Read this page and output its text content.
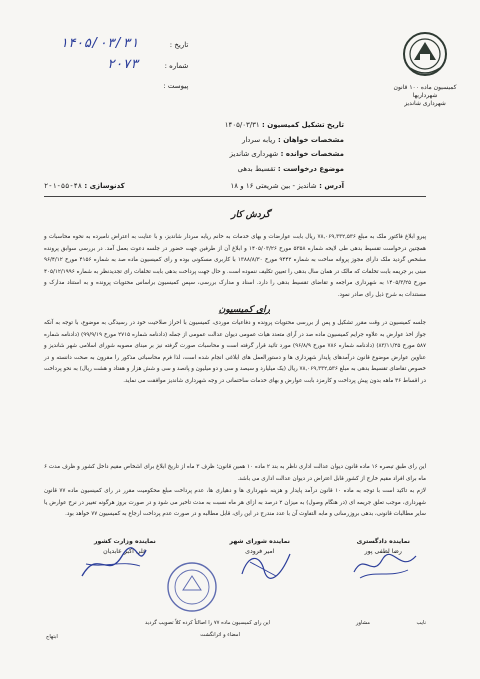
کمیسیون ماده ۱۰۰ قانون شهرداریها
شهرداری شاندیز
تاریخ :
۱۴۰۵/۰۳/۳۱
شماره :
۲۰۷۳
پیوست :
تاریخ تشکیل کمیسیون : ۱۴۰۵/۰۳/۳۱
مشخصات خواهان : ریابه سردار
مشخصات خوانده : شهرداری شاندیز
موضوع درخواست : تقسیط بدهی
آدرس : شاندیز - بین شریعتی ۱۶ و ۱۸
کدنوسازی : ۴۸-۵۵-۱-۲
گردش کار
پیرو ابلاغ فاکتور ملک به مبلغ ۷۸,۰۶۹,۳۳۲,۵۳۶ ریال بابت عوارضات و بهای خدمات به خانم ریابه سردار شاندیز، و با عنایت به اعتراض نامبرده به نحوه محاسبات و همچنین درخواست تقسیط بدهی طی لایحه شماره ۵۳۵۸ مورخ ۱۴۰۵/۰۳/۲۶ و ابلاغ آن از طرفین جهت حضور در جلسه دعوت بعمل آمد. در بررسی سوابق پرونده مشخص گردید ملک دارای مجوز پروانه ساخت به شماره ۹۴۴۲ مورخ ۱۳۸۸/۸/۳۰ با کاربری مسکونی بوده و رای کمیسیون ماده صد به شماره ۴۱۵۶ مورخ ۹۶/۴/۱۲ مبنی بر جریمه بابت تخلفات که مالک در همان سال بدهی را تعیین تکلیف ننموده است. و حال جهت پرداخت بدهی بابت تخلفات رای تجدیدنظر به شماره ۴۰۵/۱۲/۱۹۹۶ مورخ ۱۴۰۵/۳/۲۵ به شهرداری مراجعه و تقاضای تقسیط بدهی را دارد. اسناد و مدارک بررسی، سپس کمیسیون براساس محتویات پرونده و به استناد مدارک و مستندات به شرح ذیل رای صادر نمود.
رای کمیسیون
جلسه کمیسیون در وقت مقرر تشکیل و پس از بررسی محتویات پرونده و دفاعیات موردی، کمیسیون با احراز صلاحیت خود در رسیدگی به موضوع، با توجه به آنکه جواز اخذ عوارض به علاوه جرایم کمیسیون ماده صد در آرای متعدد هیات عمومی دیوان عدالت عمومی از جمله (دادنامه شماره ۲۷۱۵ مورخ ۹۹/۹/۱۹) (دادنامه شماره ۵۸۷ مورخ ۸۳/۱۱/۲۵) (دادنامه شماره ۷۸۶ مورخ ۹۶/۸/۹) مورد تائید قرار گرفته است و محاسبات صورت گرفته نیز بر مبنای مصوبه شورای اسلامی شهر شاندیز و عناوین عوارض موضوع قانون درآمدهای پایدار شهرداری ها و دستورالعمل های ابلاغی انجام شده است، لذا فرم محاسباتی مذکور را مقرون به صحت دانسته و در خصوص تقاضای تقسیط بدهی به مبلغ ۷۸,۰۶۹,۳۳۲,۵۳۶ ریال (یک میلیارد و سیصد و سی و دو میلیون و پانصد و سی و شش هزار و هفتاد و هشت ریال) به نحو پرداخت در اقساط ۳۶ ماهه بدون پیش پرداخت و کارمزد بابت عوارض و بهای خدمات ساختمانی در وجه شهرداری شاندیز موافقت می نماید.
این رای طبق تبصره ۱۶ ماده قانون دیوان عدالت اداری ناظر به بند ۲ ماده ۱۰ همین قانون؛ ظرف ۳ ماه از تاریخ ابلاغ برای اشخاص مقیم داخل کشور و ظرف مدت ۶ ماه برای افراد مقیم خارج از کشور قابل اعتراض در دیوان عدالت اداری می باشد.
لازم به تاکید است با توجه به ماده ۱۰ قانون درآمد پایدار و هزینه شهرداری ها و دهیاری ها، عدم پرداخت مبلغ محکومیت مقرر در رای کمیسیون ماده ۷۷ قانون شهرداری، موجب تعلق جریمه ای (در هنگام وصول) به میزان ۲ درصد به ازای هر ماه نسبت به مدت تاخیر می شود و در صورت بروز هرگونه تغییر در نرخ عوارض یا سایر مطالبات قانونی، بدهی بروزرسانی و مابه التفاوت آن با عدد مندرج در این رای، قابل مطالبه و در صورت عدم پرداخت ارجاع به کمیسیون ۷۷ خواهد بود.
نماینده دادگستری
رضا لطفی پور
نماینده شورای شهر
امیر فرودی
نماینده وزارت کشور
علی اکبر عابدیان
نایب
مشاور
این رای کمیسیون ماده ۷۷ را اصالتاً کرده کلاً تصویب گردید
امضاء و اثرانگشت
ابتهاج
